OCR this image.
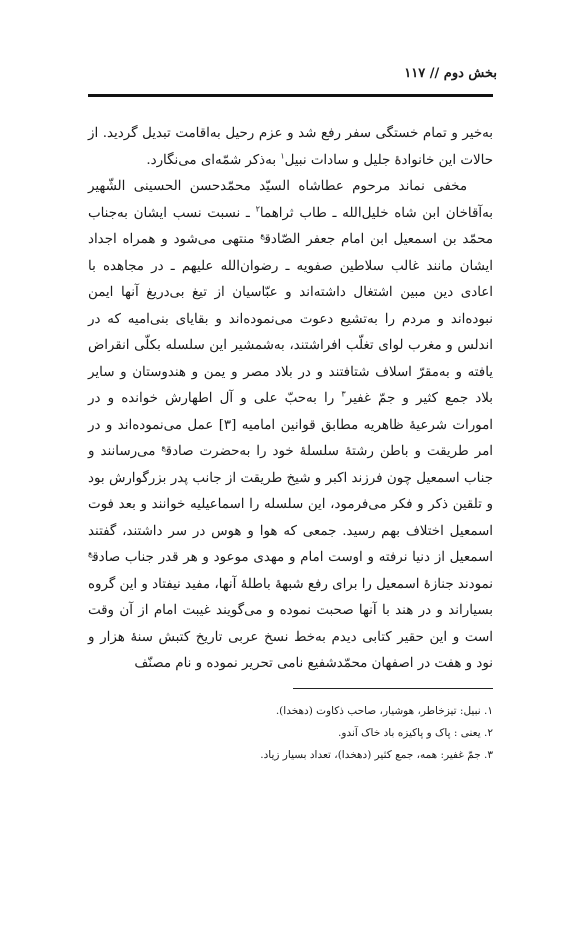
بخش دوم // ۱۱۷

به‌خیر و تمام خستگی سفر رفع شد و عزم رحیل به‌اقامت تبدیل گردید. از حالات این خانوادهٔ جلیل و سادات نبیل$^۱$ به‌ذکر شمّه‌ای می‌نگارد.

مخفی نماند مرحوم عطاشاه السیّد محمّدحسن الحسینی الشّهیر به‌آقاخان ابن شاه خلیل‌الله ـ طاب ثراهما$^۲$ ـ نسبت نسب ایشان به‌جناب محمّد بن اسمعیل ابن امام جعفر الصّادق$^ع$ منتهی می‌شود و همراه اجداد ایشان مانند غالب سلاطین صفویه ـ رضوان‌الله علیهم ـ در مجاهده با اعادی دین مبین اشتغال داشته‌اند و عبّاسیان از تیغ بی‌دریغ آنها ایمن نبوده‌اند و مردم را به‌تشیع دعوت می‌نموده‌اند و بقایای بنی‌امیه که در اندلس و مغرب لوای تغلّب افراشتند، به‌شمشیر این سلسله بکلّی انقراض یافته و به‌مقرّ اسلاف شتافتند و در بلاد مصر و یمن و هندوستان و سایر بلاد جمع کثیر و جمّ غفیر$^۳$ را به‌حبّ علی و آل اطهارش خوانده و در امورات شرعیهٔ ظاهریه مطابق قوانین امامیه [۳] عمل می‌نموده‌اند و در امر طریقت و باطن رشتهٔ سلسلهٔ خود را به‌حضرت صادق$^ع$ می‌رسانند و جناب اسمعیل چون فرزند اکبر و شیخ طریقت از جانب پدر بزرگوارش بود و تلقین ذکر و فکر می‌فرمود، این سلسله را اسماعیلیه خوانند و بعد فوت اسمعیل اختلاف بهم رسید. جمعی که هوا و هوس در سر داشتند، گفتند اسمعیل از دنیا نرفته و اوست امام و مهدی موعود و هر قدر جناب صادق$^ع$ نمودند جنازهٔ اسمعیل را برای رفع شبههٔ باطلهٔ آنها، مفید نیفتاد و این گروه بسیاراند و در هند با آنها صحبت نموده و می‌گویند غیبت امام از آن وقت است و این حقیر کتابی دیدم به‌خط نسخ عربی تاریخ کتبش سنهٔ هزار و نود و هفت در اصفهان محمّدشفیع نامی تحریر نموده و نام مصنّف

۱. نبیل: تیزخاطر، هوشیار، صاحب ذکاوت (دهخدا).
۲. یعنی : پاک و پاکیزه باد خاک آندو.
۳. جمّ غفیر: همه، جمع کثیر (دهخدا)، تعداد بسیار زیاد.
